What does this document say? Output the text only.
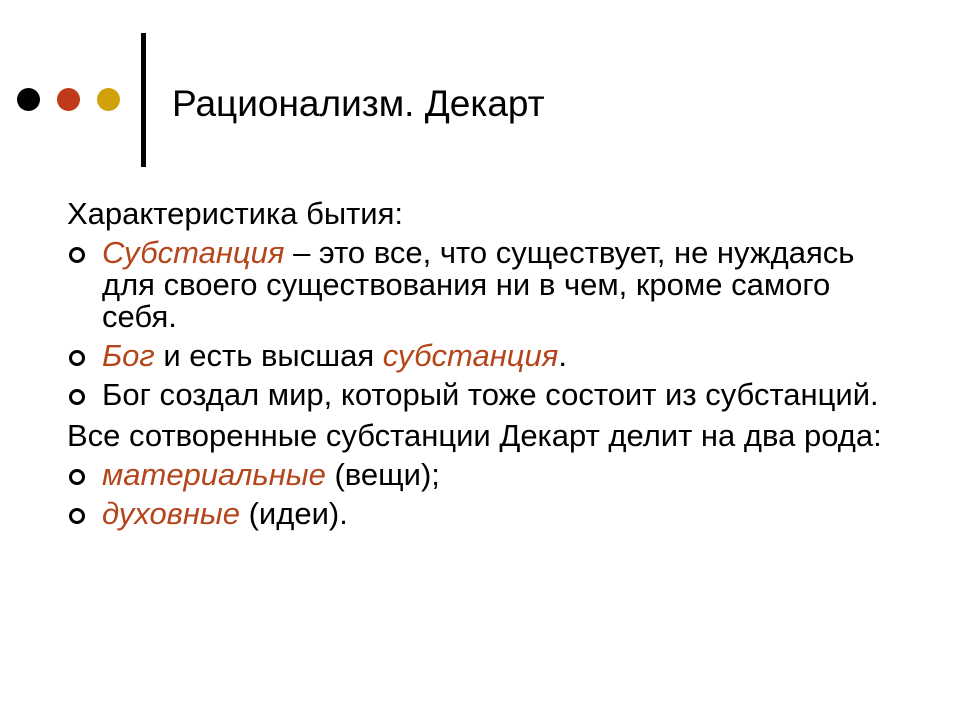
Рационализм. Декарт
Характеристика бытия:
Субстанция – это все, что существует, не нуждаясь для своего существования ни в чем, кроме самого себя.
Бог и есть высшая субстанция.
Бог создал мир, который тоже состоит из субстанций.
Все сотворенные субстанции Декарт делит на два рода:
материальные (вещи);
духовные (идеи).
